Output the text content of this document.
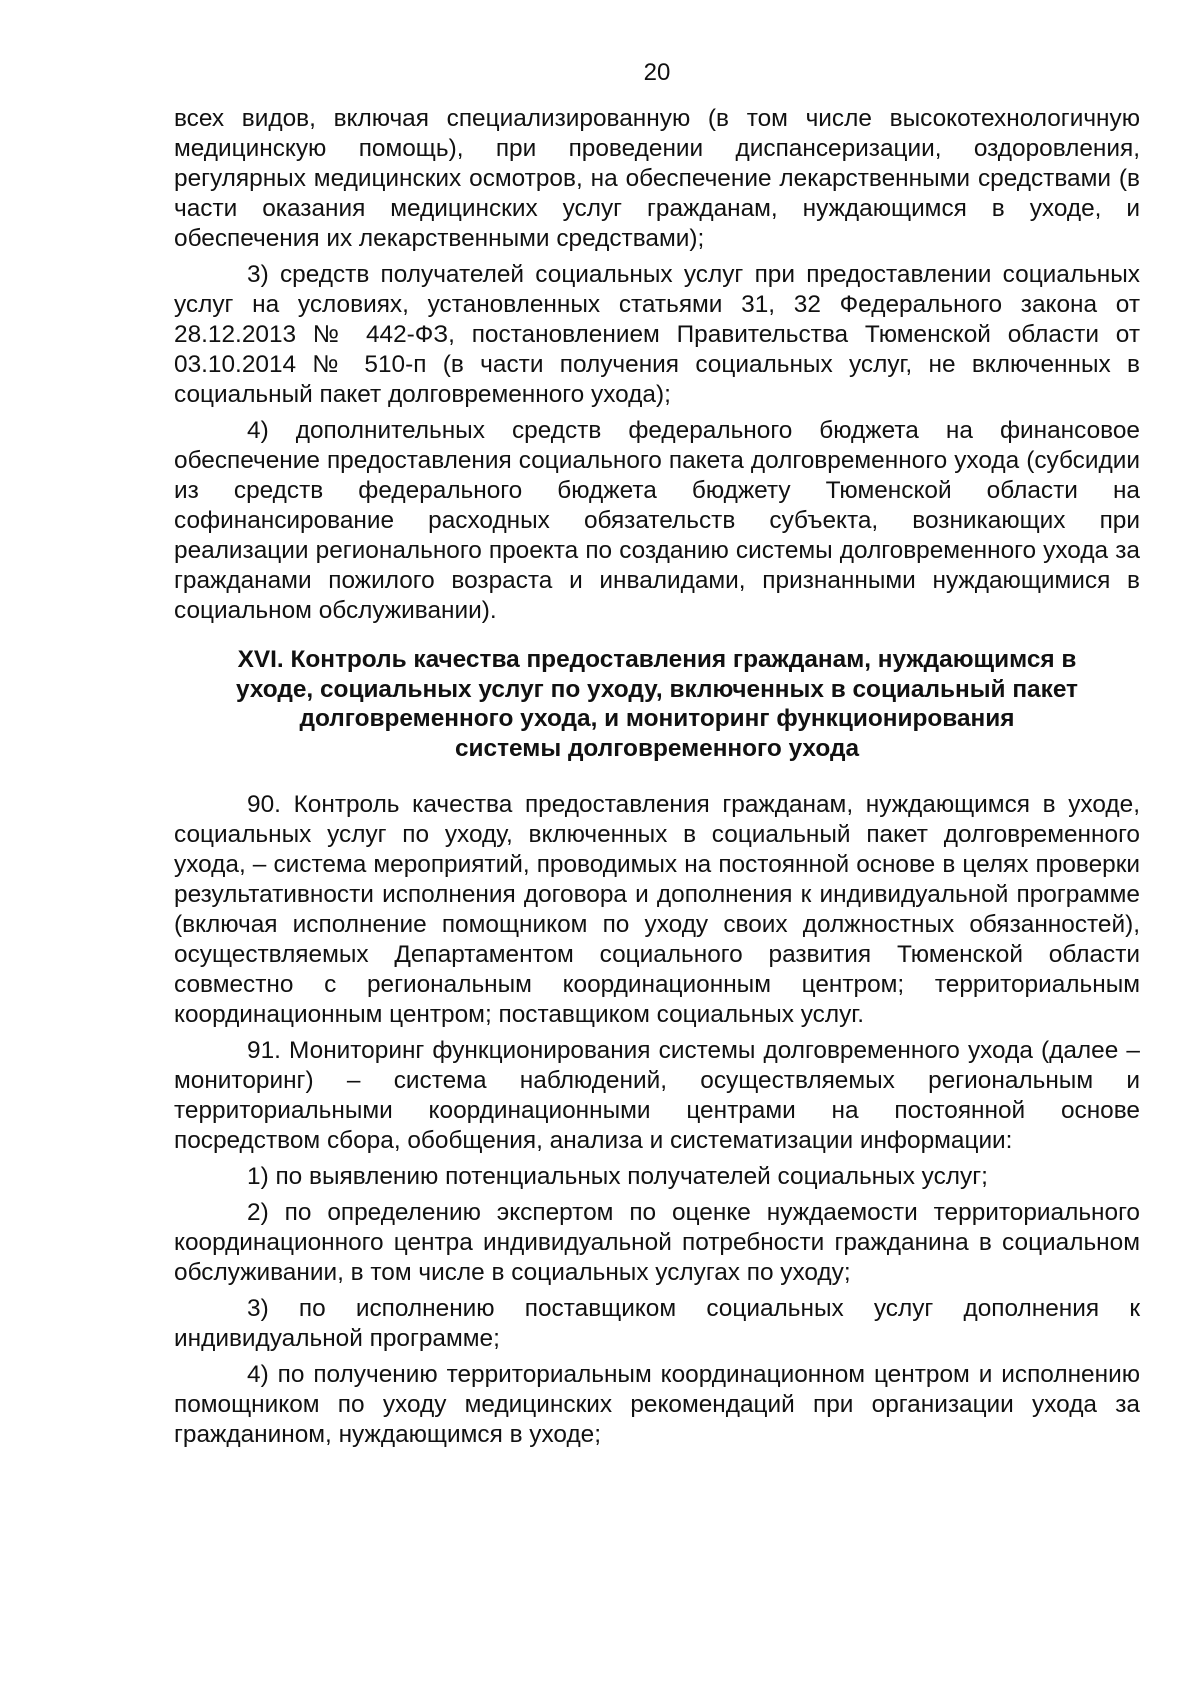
20

всех видов, включая специализированную (в том числе высокотехнологичную медицинскую помощь), при проведении диспансеризации, оздоровления, регулярных медицинских осмотров, на обеспечение лекарственными средствами (в части оказания медицинских услуг гражданам, нуждающимся в уходе, и обеспечения их лекарственными средствами);

3) средств получателей социальных услуг при предоставлении социальных услуг на условиях, установленных статьями 31, 32 Федерального закона от 28.12.2013 № 442-ФЗ, постановлением Правительства Тюменской области от 03.10.2014 № 510-п (в части получения социальных услуг, не включенных в социальный пакет долговременного ухода);

4) дополнительных средств федерального бюджета на финансовое обеспечение предоставления социального пакета долговременного ухода (субсидии из средств федерального бюджета бюджету Тюменской области на софинансирование расходных обязательств субъекта, возникающих при реализации регионального проекта по созданию системы долговременного ухода за гражданами пожилого возраста и инвалидами, признанными нуждающимися в социальном обслуживании).

XVI. Контроль качества предоставления гражданам, нуждающимся в
уходе, социальных услуг по уходу, включенных в социальный пакет
долговременного ухода, и мониторинг функционирования
системы долговременного ухода

90. Контроль качества предоставления гражданам, нуждающимся в уходе, социальных услуг по уходу, включенных в социальный пакет долговременного ухода, – система мероприятий, проводимых на постоянной основе в целях проверки результативности исполнения договора и дополнения к индивидуальной программе (включая исполнение помощником по уходу своих должностных обязанностей), осуществляемых Департаментом социального развития Тюменской области совместно с региональным координационным центром; территориальным координационным центром; поставщиком социальных услуг.

91. Мониторинг функционирования системы долговременного ухода (далее – мониторинг) – система наблюдений, осуществляемых региональным и территориальными координационными центрами на постоянной основе посредством сбора, обобщения, анализа и систематизации информации:

1) по выявлению потенциальных получателей социальных услуг;

2) по определению экспертом по оценке нуждаемости территориального координационного центра индивидуальной потребности гражданина в социальном обслуживании, в том числе в социальных услугах по уходу;

3) по исполнению поставщиком социальных услуг дополнения к индивидуальной программе;

4) по получению территориальным координационном центром и исполнению помощником по уходу медицинских рекомендаций при организации ухода за гражданином, нуждающимся в уходе;
